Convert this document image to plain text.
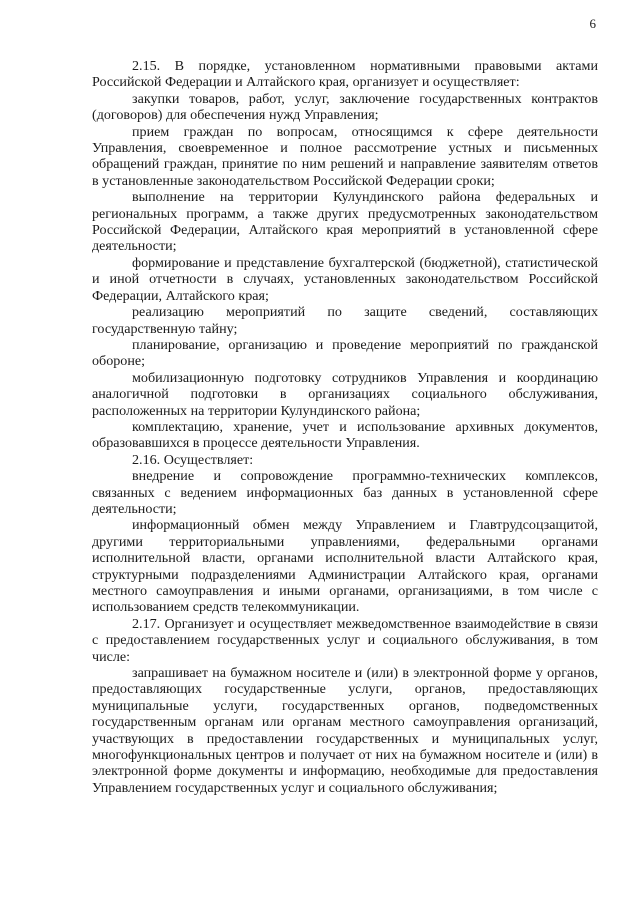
6

2.15. В порядке, установленном нормативными правовыми актами Российской Федерации и Алтайского края, организует и осуществляет:

закупки товаров, работ, услуг, заключение государственных контрактов (договоров) для обеспечения нужд Управления;

прием граждан по вопросам, относящимся к сфере деятельности Управления, своевременное и полное рассмотрение устных и письменных обращений граждан, принятие по ним решений и направление заявителям ответов в установленные законодательством Российской Федерации сроки;

выполнение на территории Кулундинского района федеральных и региональных программ, а также других предусмотренных законодательством Российской Федерации, Алтайского края мероприятий в установленной сфере деятельности;

формирование и представление бухгалтерской (бюджетной), статистической и иной отчетности в случаях, установленных законодательством Российской Федерации, Алтайского края;

реализацию мероприятий по защите сведений, составляющих государственную тайну;

планирование, организацию и проведение мероприятий по гражданской обороне;

мобилизационную подготовку сотрудников Управления и координацию аналогичной подготовки в организациях социального обслуживания, расположенных на территории Кулундинского района;

комплектацию, хранение, учет и использование архивных документов, образовавшихся в процессе деятельности Управления.

2.16. Осуществляет:

внедрение и сопровождение программно-технических комплексов, связанных с ведением информационных баз данных в установленной сфере деятельности;

информационный обмен между Управлением и Главтрудсоцзащитой, другими территориальными управлениями, федеральными органами исполнительной власти, органами исполнительной власти Алтайского края, структурными подразделениями Администрации Алтайского края, органами местного самоуправления и иными органами, организациями, в том числе с использованием средств телекоммуникации.

2.17. Организует и осуществляет межведомственное взаимодействие в связи с предоставлением государственных услуг и социального обслуживания, в том числе:

запрашивает на бумажном носителе и (или) в электронной форме у органов, предоставляющих государственные услуги, органов, предоставляющих муниципальные услуги, государственных органов, подведомственных государственным органам или органам местного самоуправления организаций, участвующих в предоставлении государственных и муниципальных услуг, многофункциональных центров и получает от них на бумажном носителе и (или) в электронной форме документы и информацию, необходимые для предоставления Управлением государственных услуг и социального обслуживания;
